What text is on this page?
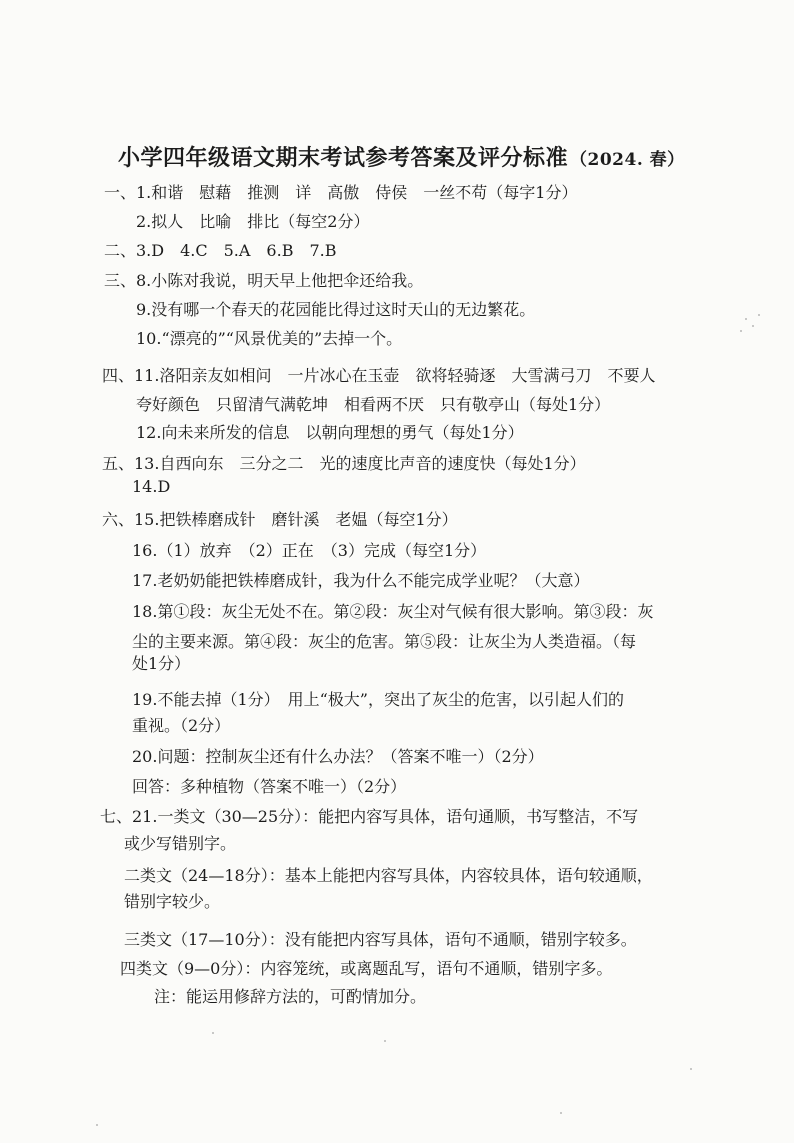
小学四年级语文期末考试参考答案及评分标准 （2024. 春）
一、1.和谐　慰藉　推测　详　高傲　侍侯　一丝不苟（每字1分）
2.拟人　比喻　排比（每空2分）
二、3.D　4.C　5.A　6.B　7.B
三、8.小陈对我说，明天早上他把伞还给我。
9.没有哪一个春天的花园能比得过这时天山的无边繁花。
10.“漂亮的”“风景优美的”去掉一个。
四、11.洛阳亲友如相问　一片冰心在玉壶　欲将轻骑逐　大雪满弓刀　不要人
夸好颜色　只留清气满乾坤　相看两不厌　只有敬亭山（每处1分）
12.向未来所发的信息　以朝向理想的勇气（每处1分）
五、13.自西向东　三分之二　光的速度比声音的速度快（每处1分）
14.D
六、15.把铁棒磨成针　磨针溪　老媪（每空1分）
16.（1）放弃　（2）正在　（3）完成（每空1分）
17.老奶奶能把铁棒磨成针，我为什么不能完成学业呢？（大意）
18.第①段：灰尘无处不在。第②段：灰尘对气候有很大影响。第③段：灰
尘的主要来源。第④段：灰尘的危害。第⑤段：让灰尘为人类造福。（每
处1分）
19.不能去掉（1分）　用上“极大”，突出了灰尘的危害，以引起人们的
重视。（2分）
20.问题：控制灰尘还有什么办法？（答案不唯一）（2分）
回答：多种植物（答案不唯一）（2分）
七、21.一类文（30—25分）：能把内容写具体，语句通顺，书写整洁，不写
或少写错别字。
二类文（24—18分）：基本上能把内容写具体，内容较具体，语句较通顺，
错别字较少。
三类文（17—10分）：没有能把内容写具体，语句不通顺，错别字较多。
四类文（9—0分）：内容笼统，或离题乱写，语句不通顺，错别字多。
注：能运用修辞方法的，可酌情加分。
